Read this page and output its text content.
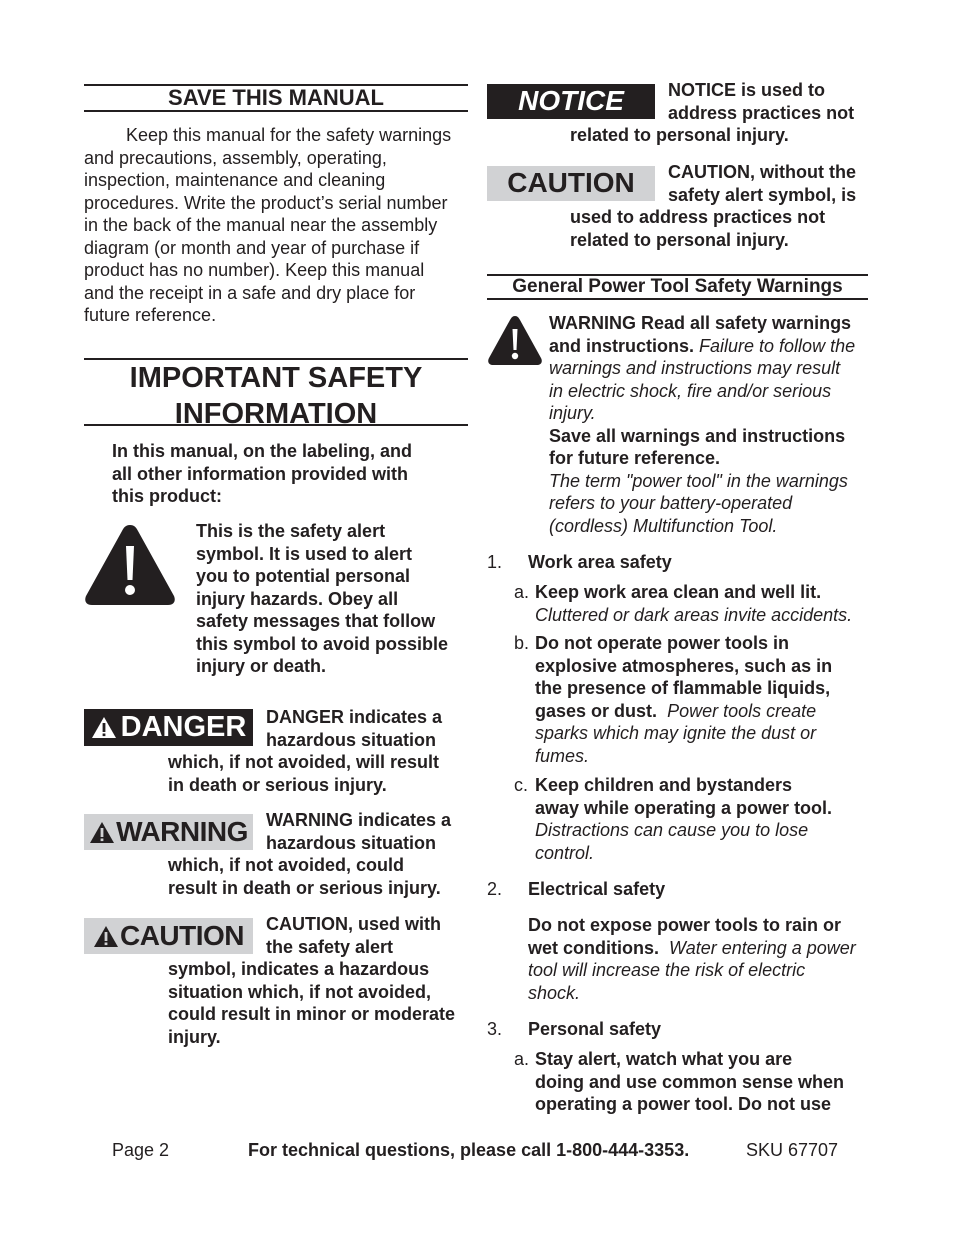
SAVE THIS MANUAL
Keep this manual for the safety warnings
and precautions, assembly, operating,
inspection, maintenance and cleaning
procedures. Write the product’s serial number
in the back of the manual near the assembly
diagram (or month and year of purchase if
product has no number). Keep this manual
and the receipt in a safe and dry place for
future reference.
IMPORTANT SAFETY
INFORMATION
In this manual, on the labeling, and
all other information provided with
this product:
This is the safety alert
symbol. It is used to alert
you to potential personal
injury hazards. Obey all
safety messages that follow
this symbol to avoid possible
injury or death.
DANGER	DANGER indicates a
hazardous situation
which, if not avoided, will result
in death or serious injury.
WARNING	WARNING indicates a
hazardous situation
which, if not avoided, could
result in death or serious injury.
CAUTION	CAUTION, used with
the safety alert
symbol, indicates a hazardous
situation which, if not avoided,
could result in minor or moderate
injury.
NOTICE	NOTICE is used to
address practices not
related to personal injury.
CAUTION	CAUTION, without the
safety alert symbol, is
used to address practices not
related to personal injury.
General Power Tool Safety Warnings
WARNING Read all safety warnings
and instructions. Failure to follow the
warnings and instructions may result
in electric shock, fire and/or serious
injury.
Save all warnings and instructions
for future reference.
The term "power tool" in the warnings
refers to your battery-operated
(cordless) Multifunction Tool.
1. Work area safety
a. Keep work area clean and well lit.
Cluttered or dark areas invite accidents.
b. Do not operate power tools in
explosive atmospheres, such as in
the presence of flammable liquids,
gases or dust. Power tools create
sparks which may ignite the dust or
fumes.
c. Keep children and bystanders
away while operating a power tool.
Distractions can cause you to lose
control.
2. Electrical safety
Do not expose power tools to rain or
wet conditions. Water entering a power
tool will increase the risk of electric
shock.
3. Personal safety
a. Stay alert, watch what you are
doing and use common sense when
operating a power tool. Do not use
Page 2	For technical questions, please call 1-800-444-3353.	SKU 67707
